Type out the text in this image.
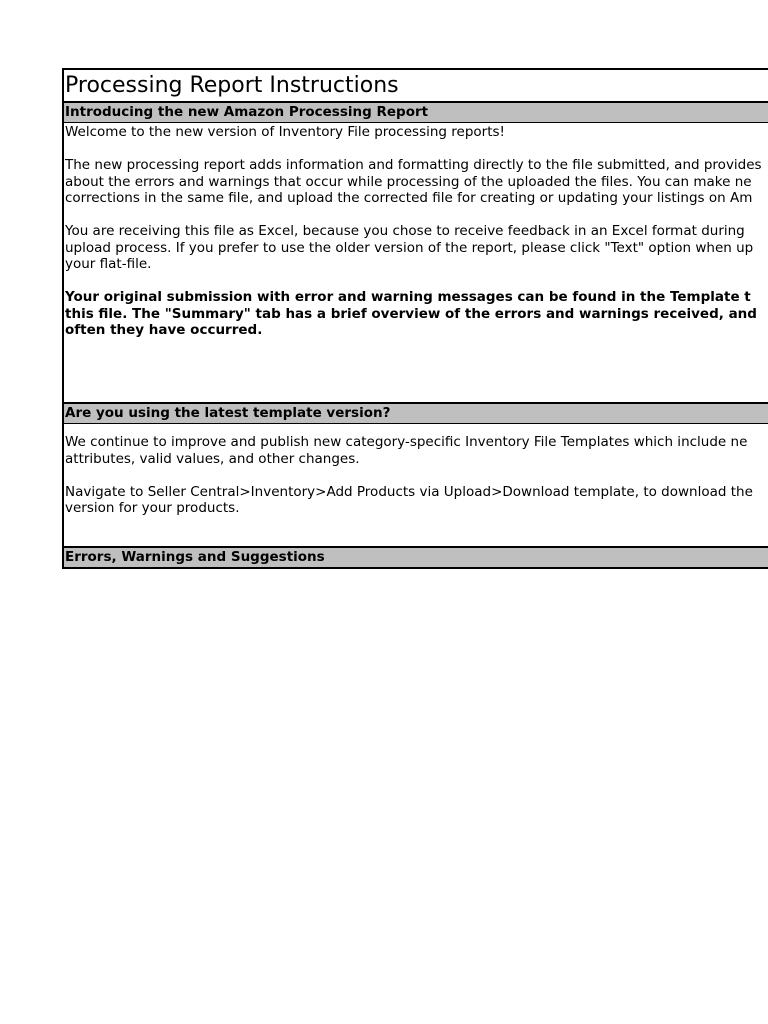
Processing Report Instructions
Introducing the new Amazon Processing Report
Welcome to the new version of Inventory File processing reports!
The new processing report adds information and formatting directly to the file submitted, and provides
about the errors and warnings that occur while processing of the uploaded the files. You can make ne
corrections in the same file, and upload the corrected file for creating or updating your listings on Am
You are receiving this file as Excel, because you chose to receive feedback in an Excel format during
upload process. If you prefer to use the older version of the report, please click "Text" option when up
your flat-file.
Your original submission with error and warning messages can be found in the Template t
this file. The "Summary" tab has a brief overview of the errors and warnings received, and
often they have occurred.
Are you using the latest template version?
We continue to improve and publish new category-specific Inventory File Templates which include ne
attributes, valid values, and other changes.
Navigate to Seller Central>Inventory>Add Products via Upload>Download template, to download the
version for your products.
Errors, Warnings and Suggestions
